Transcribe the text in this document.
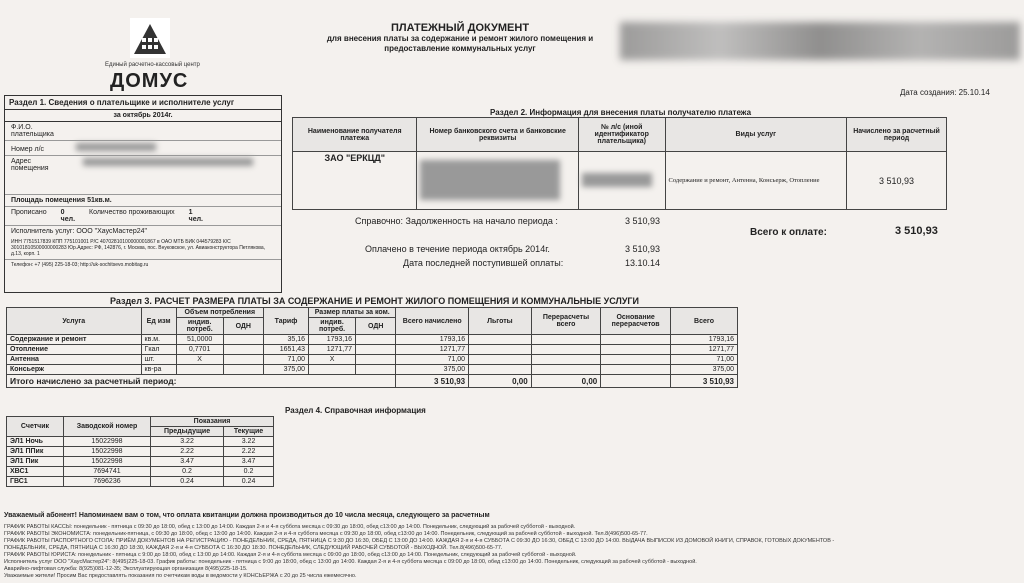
Единый расчетно-кассовый центр
ДОМУС
ПЛАТЕЖНЫЙ ДОКУМЕНТ
для внесения платы за содержание и ремонт жилого помещения и
предоставление коммунальных услуг
Дата создания: 25.10.14
Раздел 1. Сведения о плательщике и исполнителе услуг
за октябрь 2014г.
Ф.И.О. плательщика
Номер л/с
Адрес помещения
Площадь помещения 51кв.м.
Прописано 0
чел.
Количество проживающих 1
чел.
Исполнитель услуг: ООО "ХаусМастер24"
ИНН 7751517839 КПП 775101001 Р/С 40702810100000001867 в ОАО МТБ БИК 044579283 К/С 30101810500000000283 Юр.Адрес: РФ, 142876, г. Москва, пос. Внуковское, ул. Авиаконструктора Петлякова, д.13, корп. 1
Телефон: +7 (495) 225-18-03; http://uk-sochitsevo.mobitag.ru
Раздел 2. Информация для внесения платы получателю платежа
Наименование получателя платежа	Номер банковского счета и банковские реквизиты	№ л/с (иной идентификатор плательщика)	Виды услуг	Начислено за расчетный период
ЗАО "ЕРКЦД"			Содержание и ремонт, Антенна, Консьерж, Отопление	3 510,93
Справочно: Задолженность на начало периода :	3 510,93
Всего к оплате:	3 510,93
Оплачено в течение периода октябрь 2014г.	3 510,93
Дата последней поступившей оплаты:	13.10.14
Раздел 3. РАСЧЕТ РАЗМЕРА ПЛАТЫ ЗА СОДЕРЖАНИЕ И РЕМОНТ ЖИЛОГО ПОМЕЩЕНИЯ И КОММУНАЛЬНЫЕ УСЛУГИ
Услуга	Ед изм	Объем потребления		Тариф	Размер платы за ком.		Всего начислено	Льготы	Перерасчеты всего	Основание перерасчетов	Всего
		индив. потреб.	ОДН		индив. потреб.	ОДН					
Содержание и ремонт	кв.м.	51,0000		35,16	1793,16		1793,16				1793,16
Отопление	Гкал	0,7701		1651,43	1271,77		1271,77				1271,77
Антенна	шт.	X		71,00	X		71,00				71,00
Консьерж	кв-ра			375,00			375,00				375,00
Итого начислено за расчетный период:							3 510,93	0,00	0,00		3 510,93
Раздел 4. Справочная информация
Счетчик	Заводской номер	Показания	
		Предыдущие	Текущие
ЭЛ1 Ночь	15022998	3.22	3.22
ЭЛ1 ППик	15022998	2.22	2.22
ЭЛ1 Пик	15022998	3.47	3.47
ХВС1	7694741	0.2	0.2
ГВС1	7696236	0.24	0.24
Уважаемый абонент! Напоминаем вам о том, что оплата квитанции должна производиться до 10 числа месяца, следующего за расчетным
ГРАФИК РАБОТЫ КАССЫ: понедельник - пятница с 09:30 до 18:00, обед с 13:00 до 14:00. Каждая 2-я и 4-я суббота месяца с 09:30 до 18:00, обед с13:00 до 14:00. Понедельник, следующий за рабочей субботой - выходной.
ГРАФИК РАБОТЫ ЭКОНОМИСТА: понедельник-пятница, с 09:30 до 18:00, обед с 13:00 до 14:00. Каждая 2-я и 4-я суббота месяца с 09:30 до 18:00, обед с13:00 до 14:00. Понедельник, следующий за рабочей субботой - выходной. Тел.8(496)500-65-77.
ГРАФИК РАБОТЫ ПАСПОРТНОГО СТОЛА: ПРИЁМ ДОКУМЕНТОВ НА РЕГИСТРАЦИЮ - ПОНЕДЕЛЬНИК, СРЕДА, ПЯТНИЦА С 9:30 ДО 16:30, ОБЕД С 13:00 ДО 14:00. КАЖДАЯ 2-я и 4-я СУББОТА С 09:30 ДО 16:30, ОБЕД С 13:00 ДО 14:00. ВЫДАЧА ВЫПИСОК ИЗ ДОМОВОЙ КНИГИ, СПРАВОК, ГОТОВЫХ ДОКУМЕНТОВ -
ПОНЕДЕЛЬНИК, СРЕДА, ПЯТНИЦА С 16:30 ДО 18:30, КАЖДАЯ 2-я и 4-я СУББОТА С 16:30 ДО 18:30. ПОНЕДЕЛЬНИК, СЛЕДУЮЩИЙ РАБОЧЕЙ СУББОТОЙ - ВЫХОДНОЙ. Тел.8(496)500-65-77.
ГРАФИК РАБОТЫ ЮРИСТА: понедельник - пятница с 9:00 до 18:00, обед с 13:00 до 14:00. Каждая 2-я и 4-я суббота месяца с 09:00 до 18:00, обед с13:00 до 14:00. Понедельник, следующий за рабочей субботой - выходной.
Исполнитель услуг ООО "ХаусМастер24": 8(495)225-18-03. График работы: понедельник - пятница с 9:00 до 18:00, обед с 13:00 до 14:00. Каждая 2-я и 4-я суббота месяца с 09:00 до 18:00, обед с13:00 до 14:00. Понедельник, следующий за рабочей субботой - выходной.
Аварийно-лифтовая служба: 8(925)081-12-35; Эксплуатирующая организация 8(495)225-18-15.
Уважаемые жители! Просим Вас предоставлять показания по счетчикам воды в ведомости у КОНСЬЕРЖА с 20 до 25 числа ежемесячно.
